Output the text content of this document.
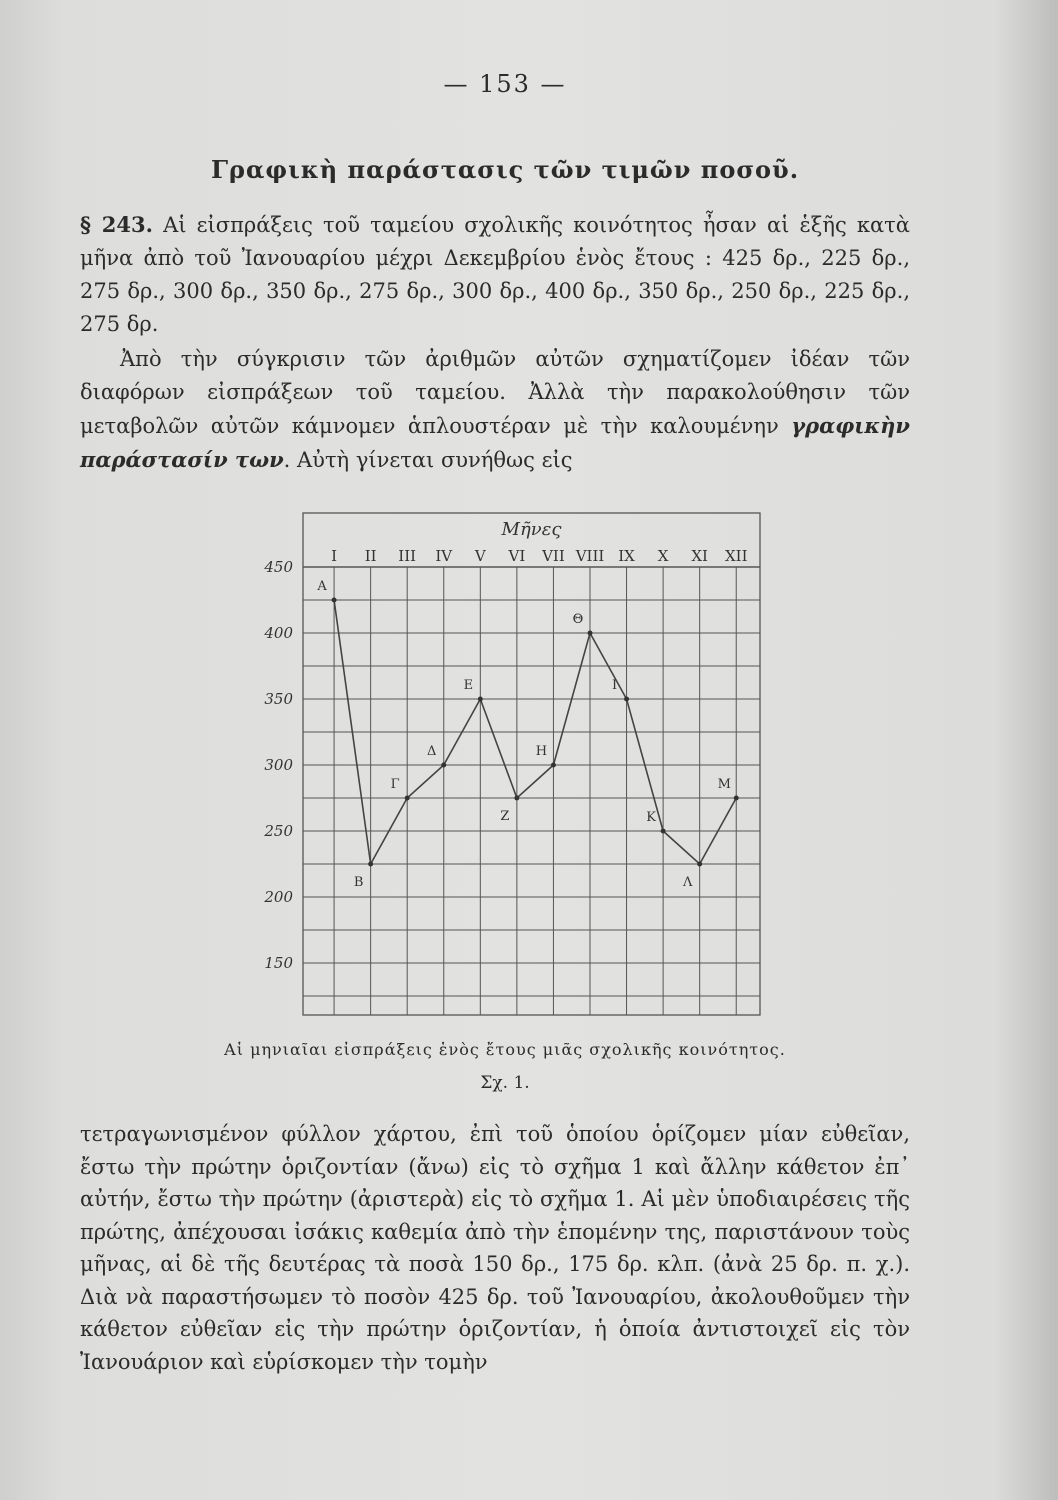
— 153 —
Γραφικὴ παράστασις τῶν τιμῶν ποσοῦ.

§ 243. Αἱ εἰσπράξεις τοῦ ταμείου σχολικῆς κοινότητος ἦσαν αἱ ἑξῆς κατὰ μῆνα ἀπὸ τοῦ Ἰανουαρίου μέχρι Δεκεμβρίου ἑνὸς ἔτους : 425 δρ., 225 δρ., 275 δρ., 300 δρ., 350 δρ., 275 δρ., 300 δρ., 400 δρ., 350 δρ., 250 δρ., 225 δρ., 275 δρ.

Ἀπὸ τὴν σύγκρισιν τῶν ἀριθμῶν αὐτῶν σχηματίζομεν ἰδέαν τῶν διαφόρων εἰσπράξεων τοῦ ταμείου. Ἀλλὰ τὴν παρακολούθησιν τῶν μεταβολῶν αὐτῶν κάμνομεν ἁπλουστέραν μὲ τὴν καλουμένην γραφικὴν παράστασίν των. Αὐτὴ γίνεται συνήθως εἰς

Μῆνες
I II III IV V VI VII VIII IX X XI XII
450
400
350
300
250
200
150
A
B
Γ
Δ
E
Z
H
Θ
I
K
Λ
M
Αἱ μηνιαῖαι εἰσπράξεις ἑνὸς ἔτους μιᾶς σχολικῆς κοινότητος.
Σχ. 1.

τετραγωνισμένον φύλλον χάρτου, ἐπὶ τοῦ ὁποίου ὁρίζομεν μίαν εὐθεῖαν, ἔστω τὴν πρώτην ὁριζοντίαν (ἄνω) εἰς τὸ σχῆμα 1 καὶ ἄλλην κάθετον ἐπ᾽ αὐτήν, ἔστω τὴν πρώτην (ἀριστερὰ) εἰς τὸ σχῆμα 1. Αἱ μὲν ὑποδιαιρέσεις τῆς πρώτης, ἀπέχουσαι ἰσάκις καθεμία ἀπὸ τὴν ἑπομένην της, παριστάνουν τοὺς μῆνας, αἱ δὲ τῆς δευτέρας τὰ ποσὰ 150 δρ., 175 δρ. κλπ. (ἀνὰ 25 δρ. π. χ.). Διὰ νὰ παραστήσωμεν τὸ ποσὸν 425 δρ. τοῦ Ἰανουαρίου, ἀκολουθοῦμεν τὴν κάθετον εὐθεῖαν εἰς τὴν πρώτην ὁριζοντίαν, ἡ ὁποία ἀντιστοιχεῖ εἰς τὸν Ἰανουάριον καὶ εὑρίσκομεν τὴν τομὴν
